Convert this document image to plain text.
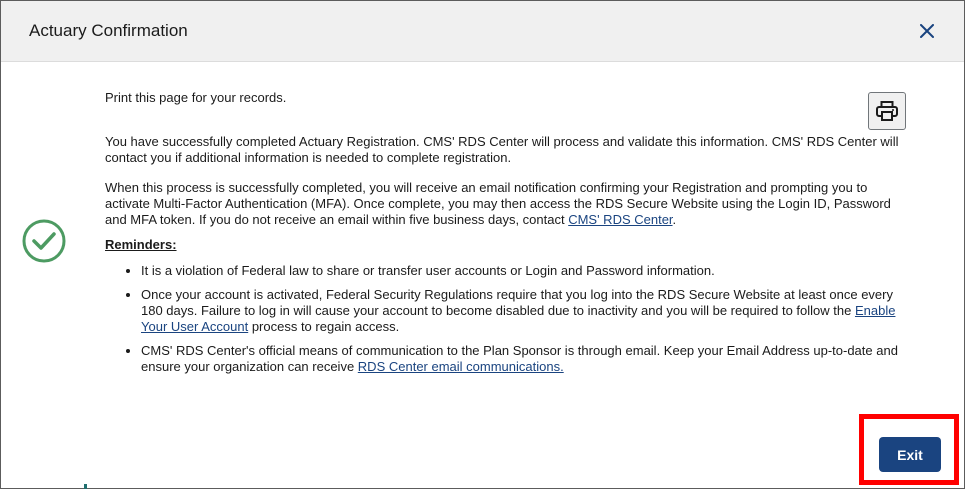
Actuary Confirmation

Print this page for your records.

You have successfully completed Actuary Registration. CMS' RDS Center will process and validate this information. CMS' RDS Center will contact you if additional information is needed to complete registration.

When this process is successfully completed, you will receive an email notification confirming your Registration and prompting you to activate Multi-Factor Authentication (MFA). Once complete, you may then access the RDS Secure Website using the Login ID, Password and MFA token. If you do not receive an email within five business days, contact CMS' RDS Center.

Reminders:

• It is a violation of Federal law to share or transfer user accounts or Login and Password information.
• Once your account is activated, Federal Security Regulations require that you log into the RDS Secure Website at least once every 180 days. Failure to log in will cause your account to become disabled due to inactivity and you will be required to follow the Enable Your User Account process to regain access.
• CMS' RDS Center's official means of communication to the Plan Sponsor is through email. Keep your Email Address up-to-date and ensure your organization can receive RDS Center email communications.
Exit
